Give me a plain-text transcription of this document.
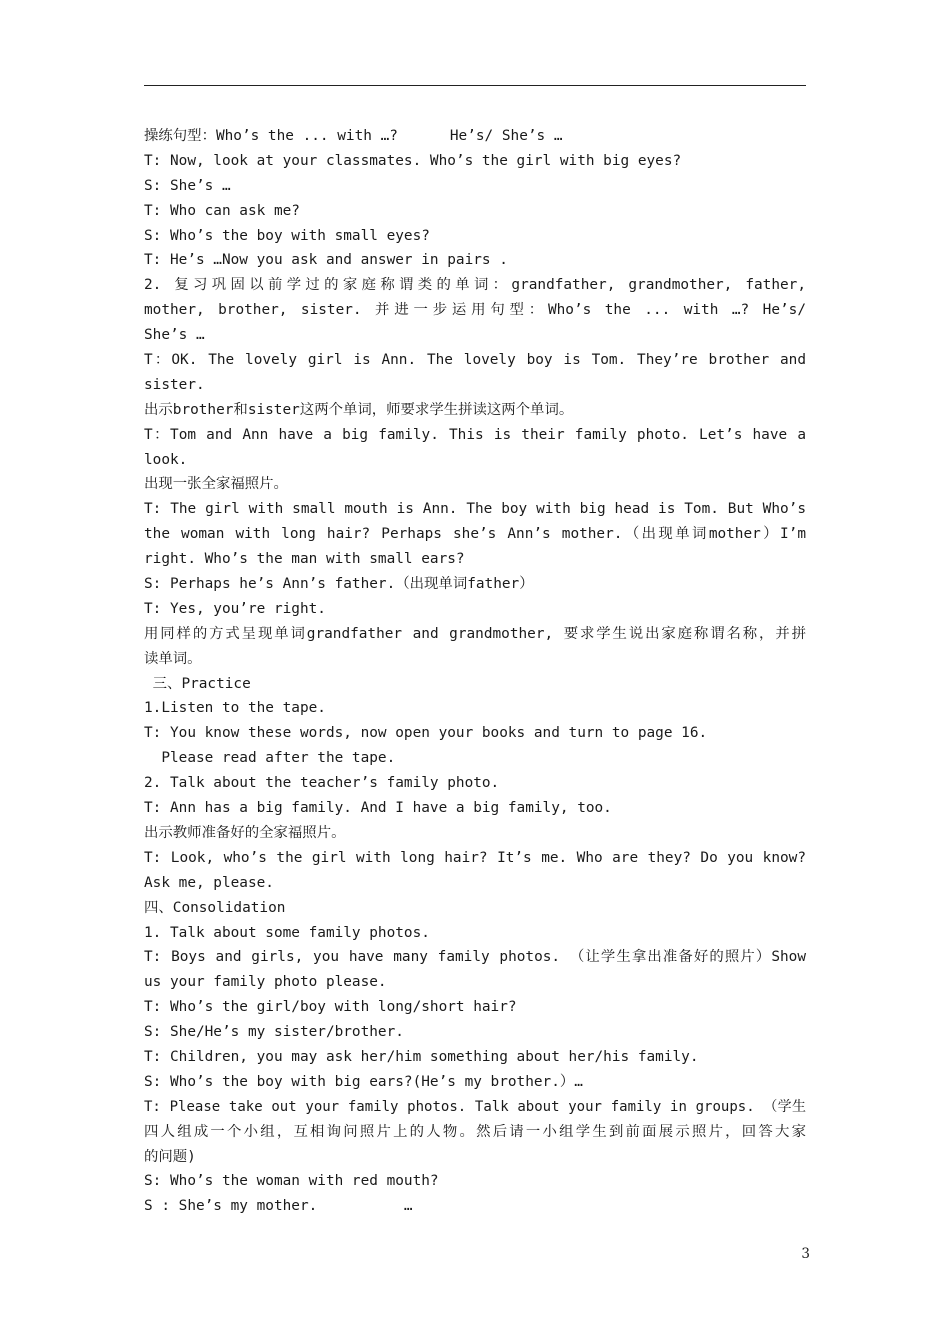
操练句型：Who’s the ... with …?      He’s/ She’s …
T: Now, look at your classmates. Who’s the girl with big eyes?
S: She’s …
T: Who can ask me?
S: Who’s the boy with small eyes?
T: He’s …Now you ask and answer in pairs .
2. 复习巩固以前学过的家庭称谓类的单词：grandfather, grandmother, father,
mother, brother, sister. 并进一步运用句型：Who’s the ... with …? He’s/
She’s …
T：OK. The lovely girl is Ann. The lovely boy is Tom. They’re brother and
sister.
出示brother和sister这两个单词，师要求学生拼读这两个单词。
T：Tom and Ann have a big family. This is their family photo. Let’s have a
look.
出现一张全家福照片。
T: The girl with small mouth is Ann. The boy with big head is Tom. But Who’s
the woman with long hair? Perhaps she’s Ann’s mother.（出现单词mother）I’m
right. Who’s the man with small ears?
S: Perhaps he’s Ann’s father.（出现单词father）
T: Yes, you’re right.
用同样的方式呈现单词grandfather and grandmother, 要求学生说出家庭称谓名称，并拼
读单词。
三、Practice
1.Listen to the tape.
T: You know these words, now open your books and turn to page 16.
Please read after the tape.
2. Talk about the teacher’s family photo.
T: Ann has a big family. And I have a big family, too.
出示教师准备好的全家福照片。
T: Look, who’s the girl with long hair? It’s me. Who are they? Do you know?
Ask me, please.
四、Consolidation
1. Talk about some family photos.
T: Boys and girls, you have many family photos. （让学生拿出准备好的照片）Show
us your family photo please.
T: Who’s the girl/boy with long/short hair?
S: She/He’s my sister/brother.
T: Children, you may ask her/him something about her/his family.
S: Who’s the boy with big ears?(He’s my brother.）…
T: Please take out your family photos. Talk about your family in groups. （学生
四人组成一个小组，互相询问照片上的人物。然后请一小组学生到前面展示照片，回答大家
的问题)
S: Who’s the woman with red mouth?
S : She’s my mother.          …
3
